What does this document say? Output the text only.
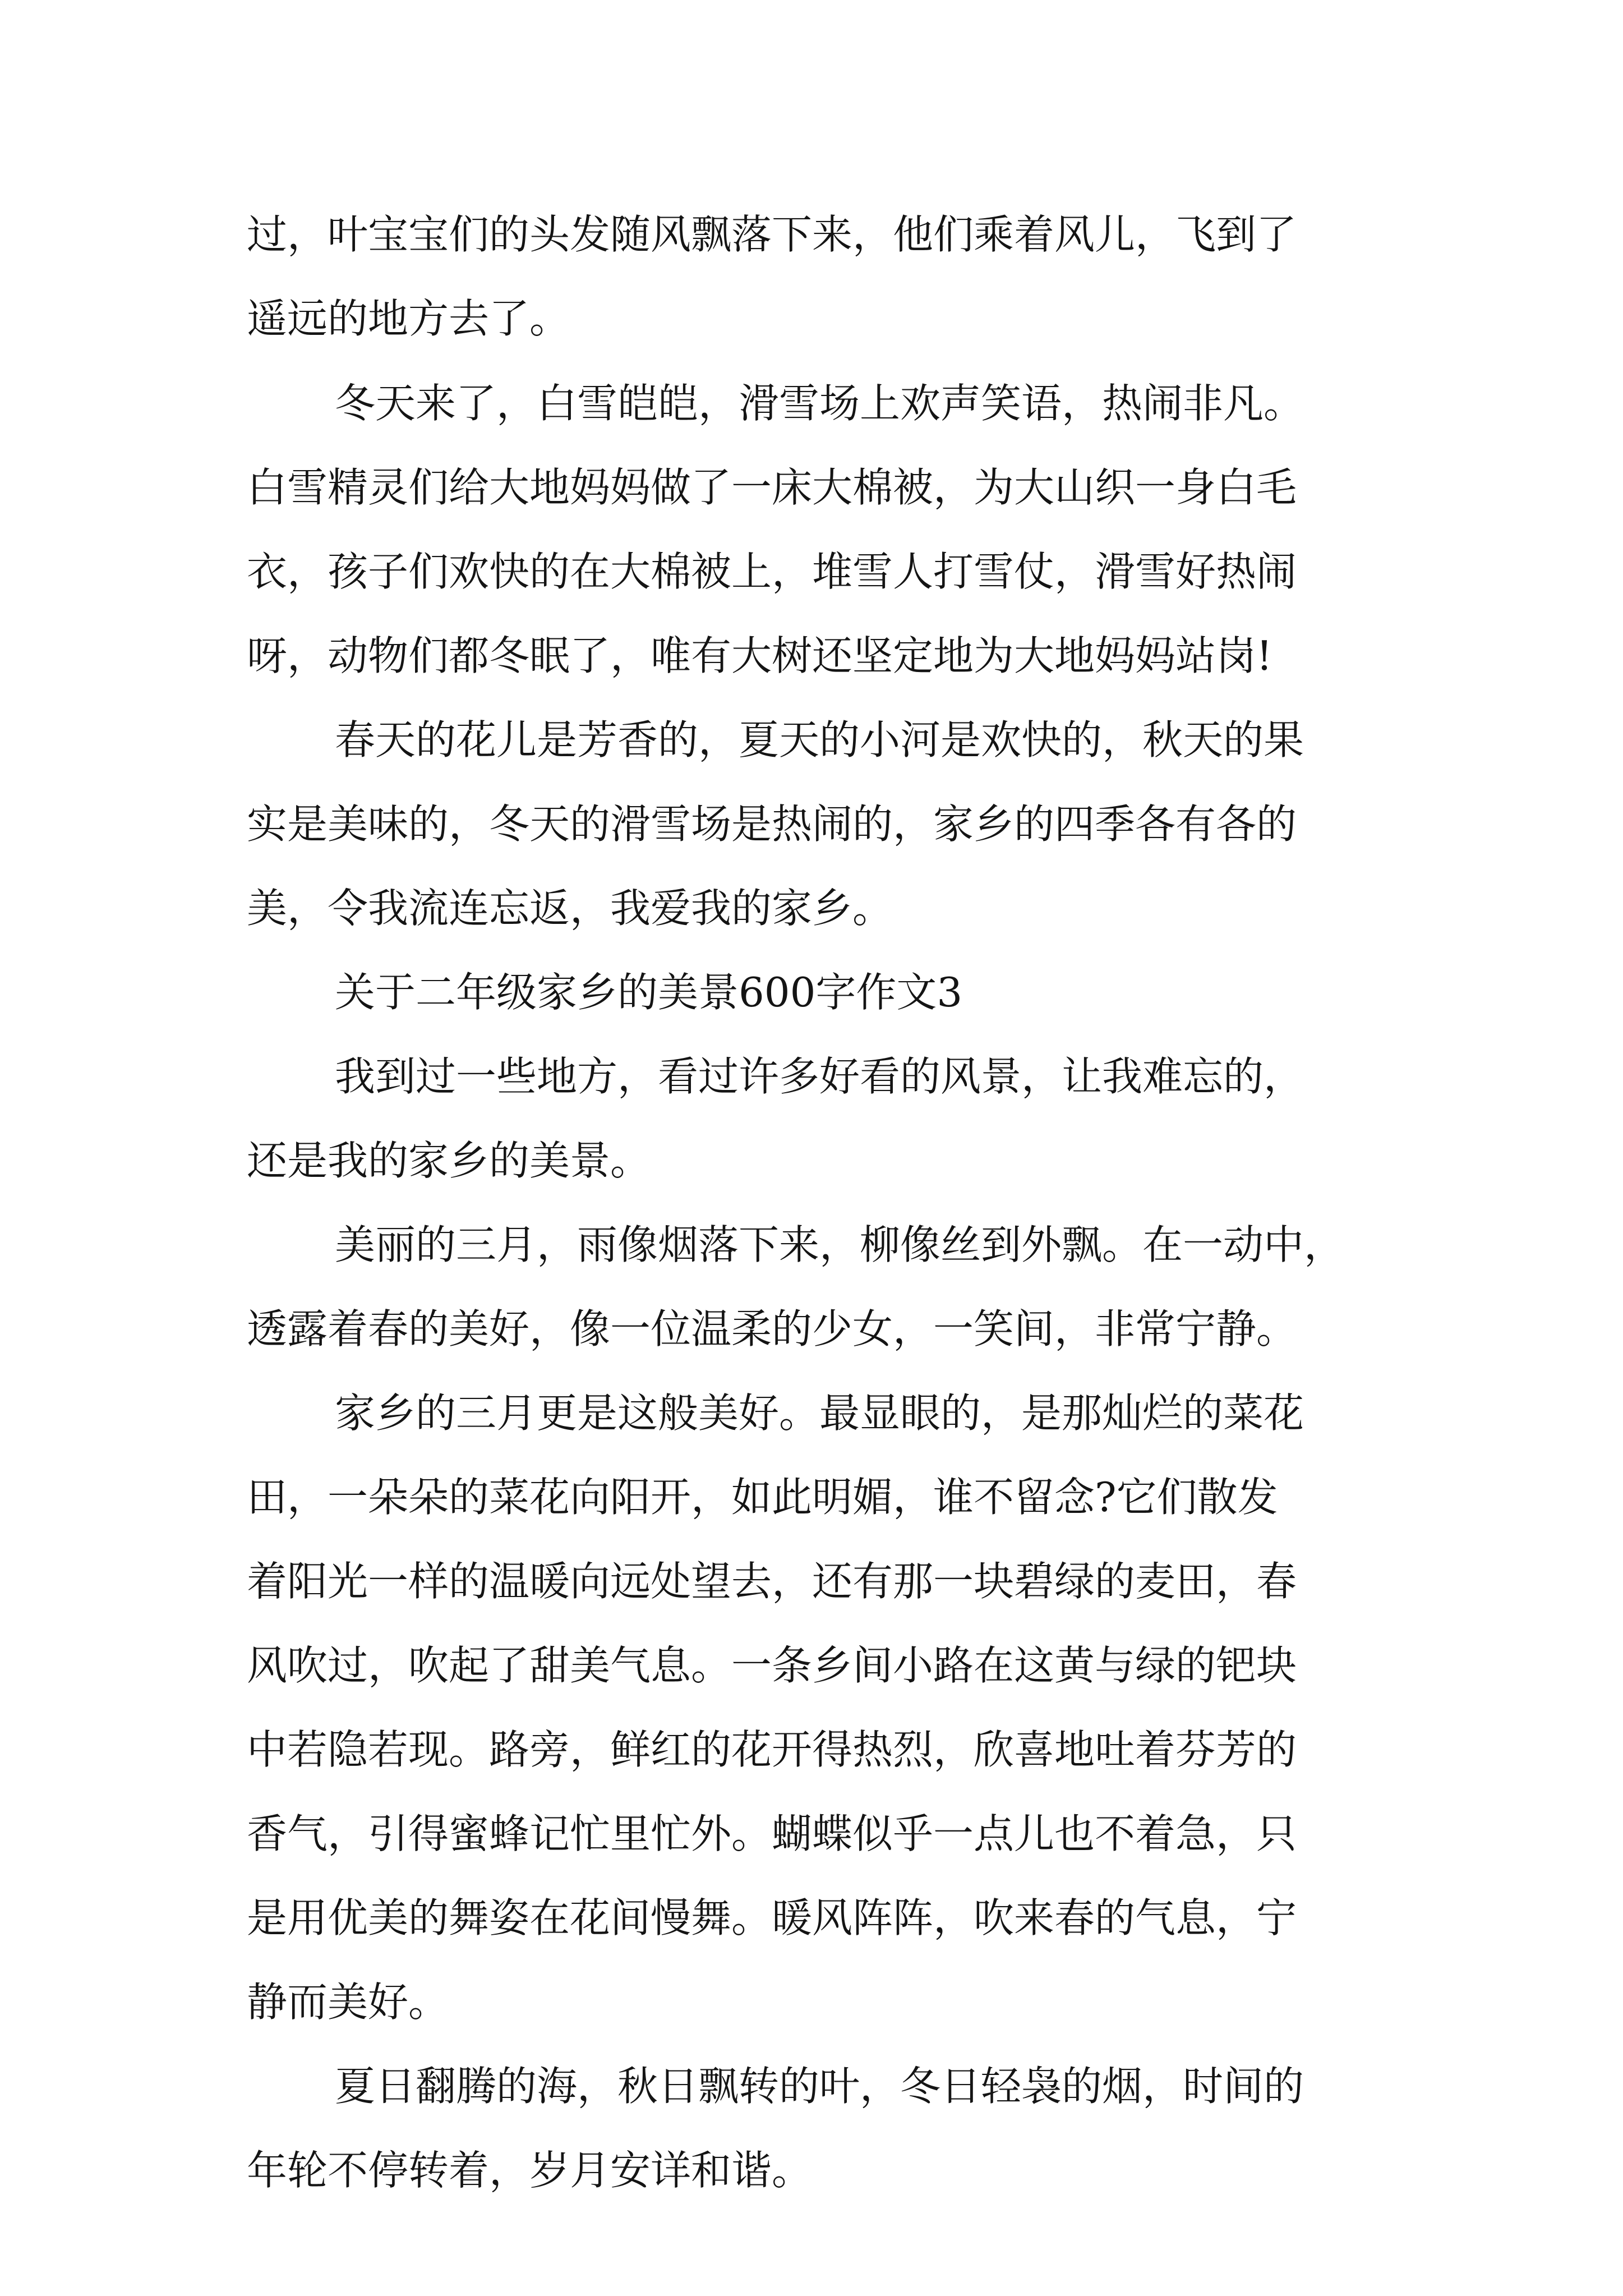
过，叶宝宝们的头发随风飘落下来，他们乘着风儿，飞到了

遥远的地方去了。

冬天来了，白雪皑皑，滑雪场上欢声笑语，热闹非凡。

白雪精灵们给大地妈妈做了一床大棉被，为大山织一身白毛

衣，孩子们欢快的在大棉被上，堆雪人打雪仗，滑雪好热闹

呀，动物们都冬眠了，唯有大树还坚定地为大地妈妈站岗!

春天的花儿是芳香的，夏天的小河是欢快的，秋天的果

实是美味的，冬天的滑雪场是热闹的，家乡的四季各有各的

美，令我流连忘返，我爱我的家乡。

关于二年级家乡的美景600字作文3

我到过一些地方，看过许多好看的风景，让我难忘的，

还是我的家乡的美景。

美丽的三月，雨像烟落下来，柳像丝到外飘。在一动中，

透露着春的美好，像一位温柔的少女，一笑间，非常宁静。

家乡的三月更是这般美好。最显眼的，是那灿烂的菜花

田，一朵朵的菜花向阳开，如此明媚，谁不留念?它们散发

着阳光一样的温暖向远处望去，还有那一块碧绿的麦田，春

风吹过，吹起了甜美气息。一条乡间小路在这黄与绿的钯块

中若隐若现。路旁，鲜红的花开得热烈，欣喜地吐着芬芳的

香气，引得蜜蜂记忙里忙外。蝴蝶似乎一点儿也不着急，只

是用优美的舞姿在花间慢舞。暖风阵阵，吹来春的气息，宁

静而美好。

夏日翻腾的海，秋日飘转的叶，冬日轻袅的烟，时间的

年轮不停转着，岁月安详和谐。
